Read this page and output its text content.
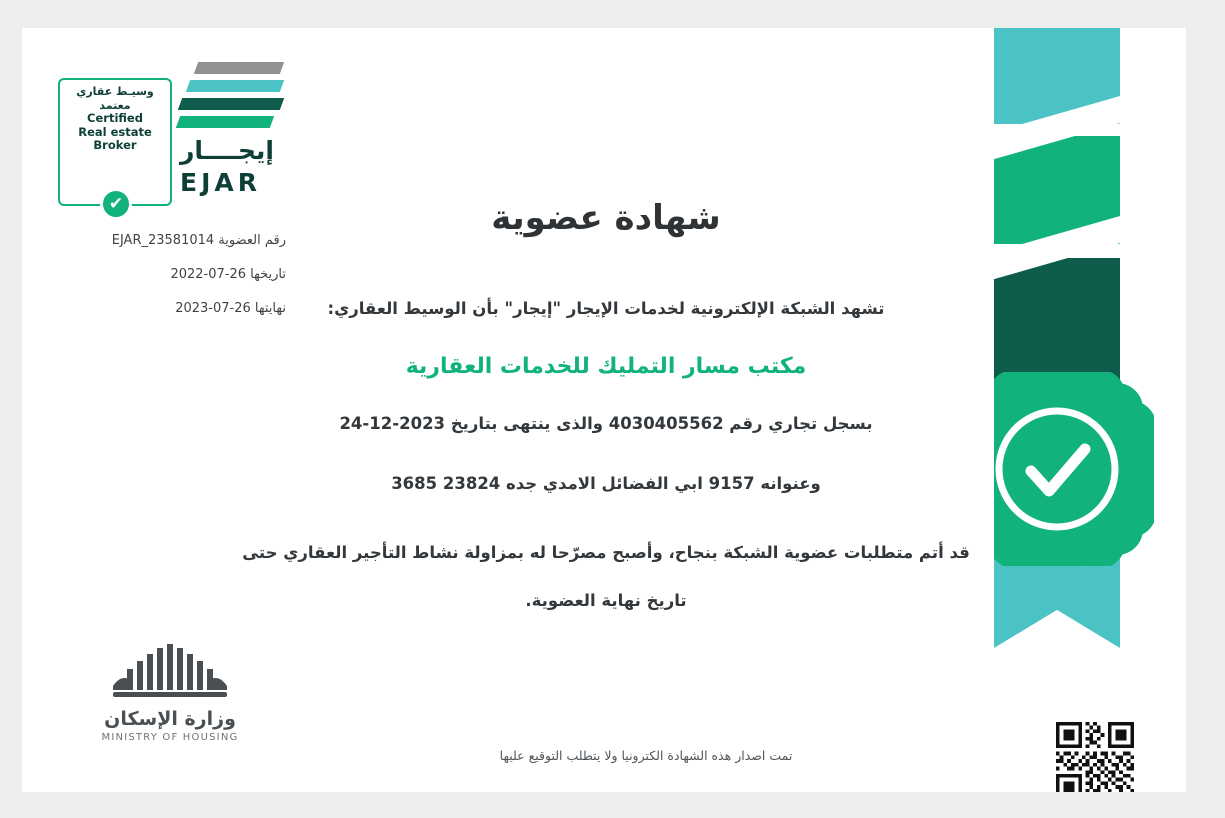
وسيـط عقاري
معتمد
Certified
Real estate
Broker
✔
إيجــــار
EJAR
رقم العضوية EJAR_23581014
تاريخها 2022-07-26
نهايتها 2023-07-26
شهادة عضوية

تشهد الشبكة الإلكترونية لخدمات الإيجار "إيجار" بأن الوسيط العقاري:

مكتب مسار التمليك للخدمات العقارية

بسجل تجاري رقم 4030405562 والذى ينتهى بتاريخ 2023-12-24

وعنوانه 9157 ابي الفضائل الامدي جده 23824 3685

قد أتم متطلبات عضوية الشبكة بنجاح، وأصبح مصرّحا له بمزاولة نشاط التأجير العقاري حتى تاريخ نهاية العضوية.

وزارة الإسكان
MINISTRY OF HOUSING
تمت اصدار هذه الشهادة الكترونيا ولا يتطلب التوقيع عليها
